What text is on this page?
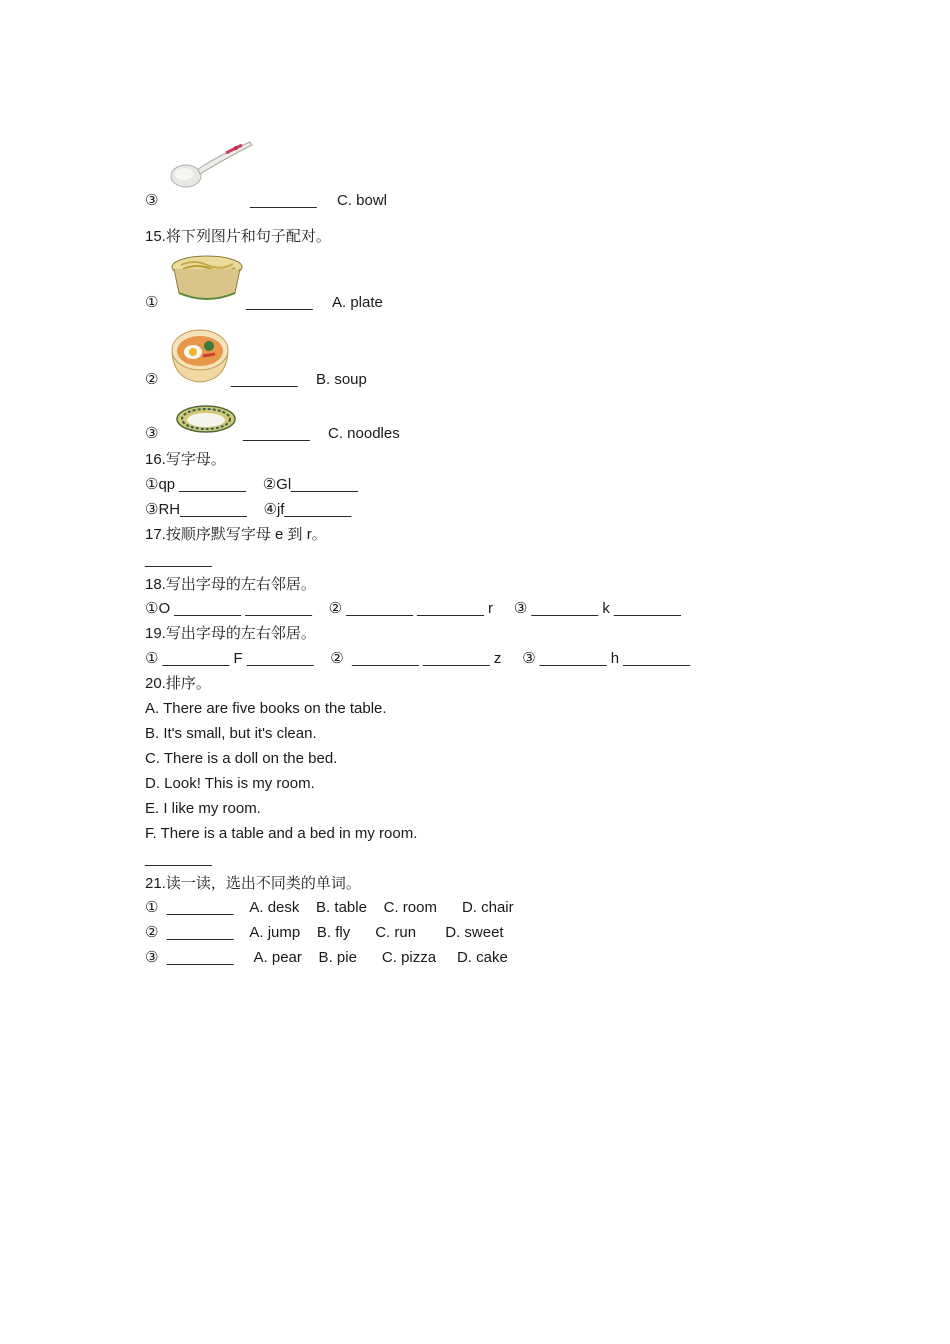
③	________ C. bowl
15.将下列图片和句子配对。
①	________ A. plate
②	________ B. soup
③	________ C. noodles
16.写字母。
①qp ________    ②Gl________
③RH________    ④jf________
17.按顺序默写字母 e 到 r。
________
18.写出字母的左右邻居。
①O ________ ________    ② ________ ________ r     ③ ________ k ________
19.写出字母的左右邻居。
① ________ F ________    ②  ________ ________ z     ③ ________ h ________
20.排序。
A. There are five books on the table.
B. It's small, but it's clean.
C. There is a doll on the bed.
D. Look! This is my room.
E. I like my room.
F. There is a table and a bed in my room.
________
21.读一读，选出不同类的单词。
①  ________    A. desk    B. table    C. room      D. chair
②  ________    A. jump    B. fly      C. run       D. sweet
③  ________     A. pear    B. pie      C. pizza     D. cake
